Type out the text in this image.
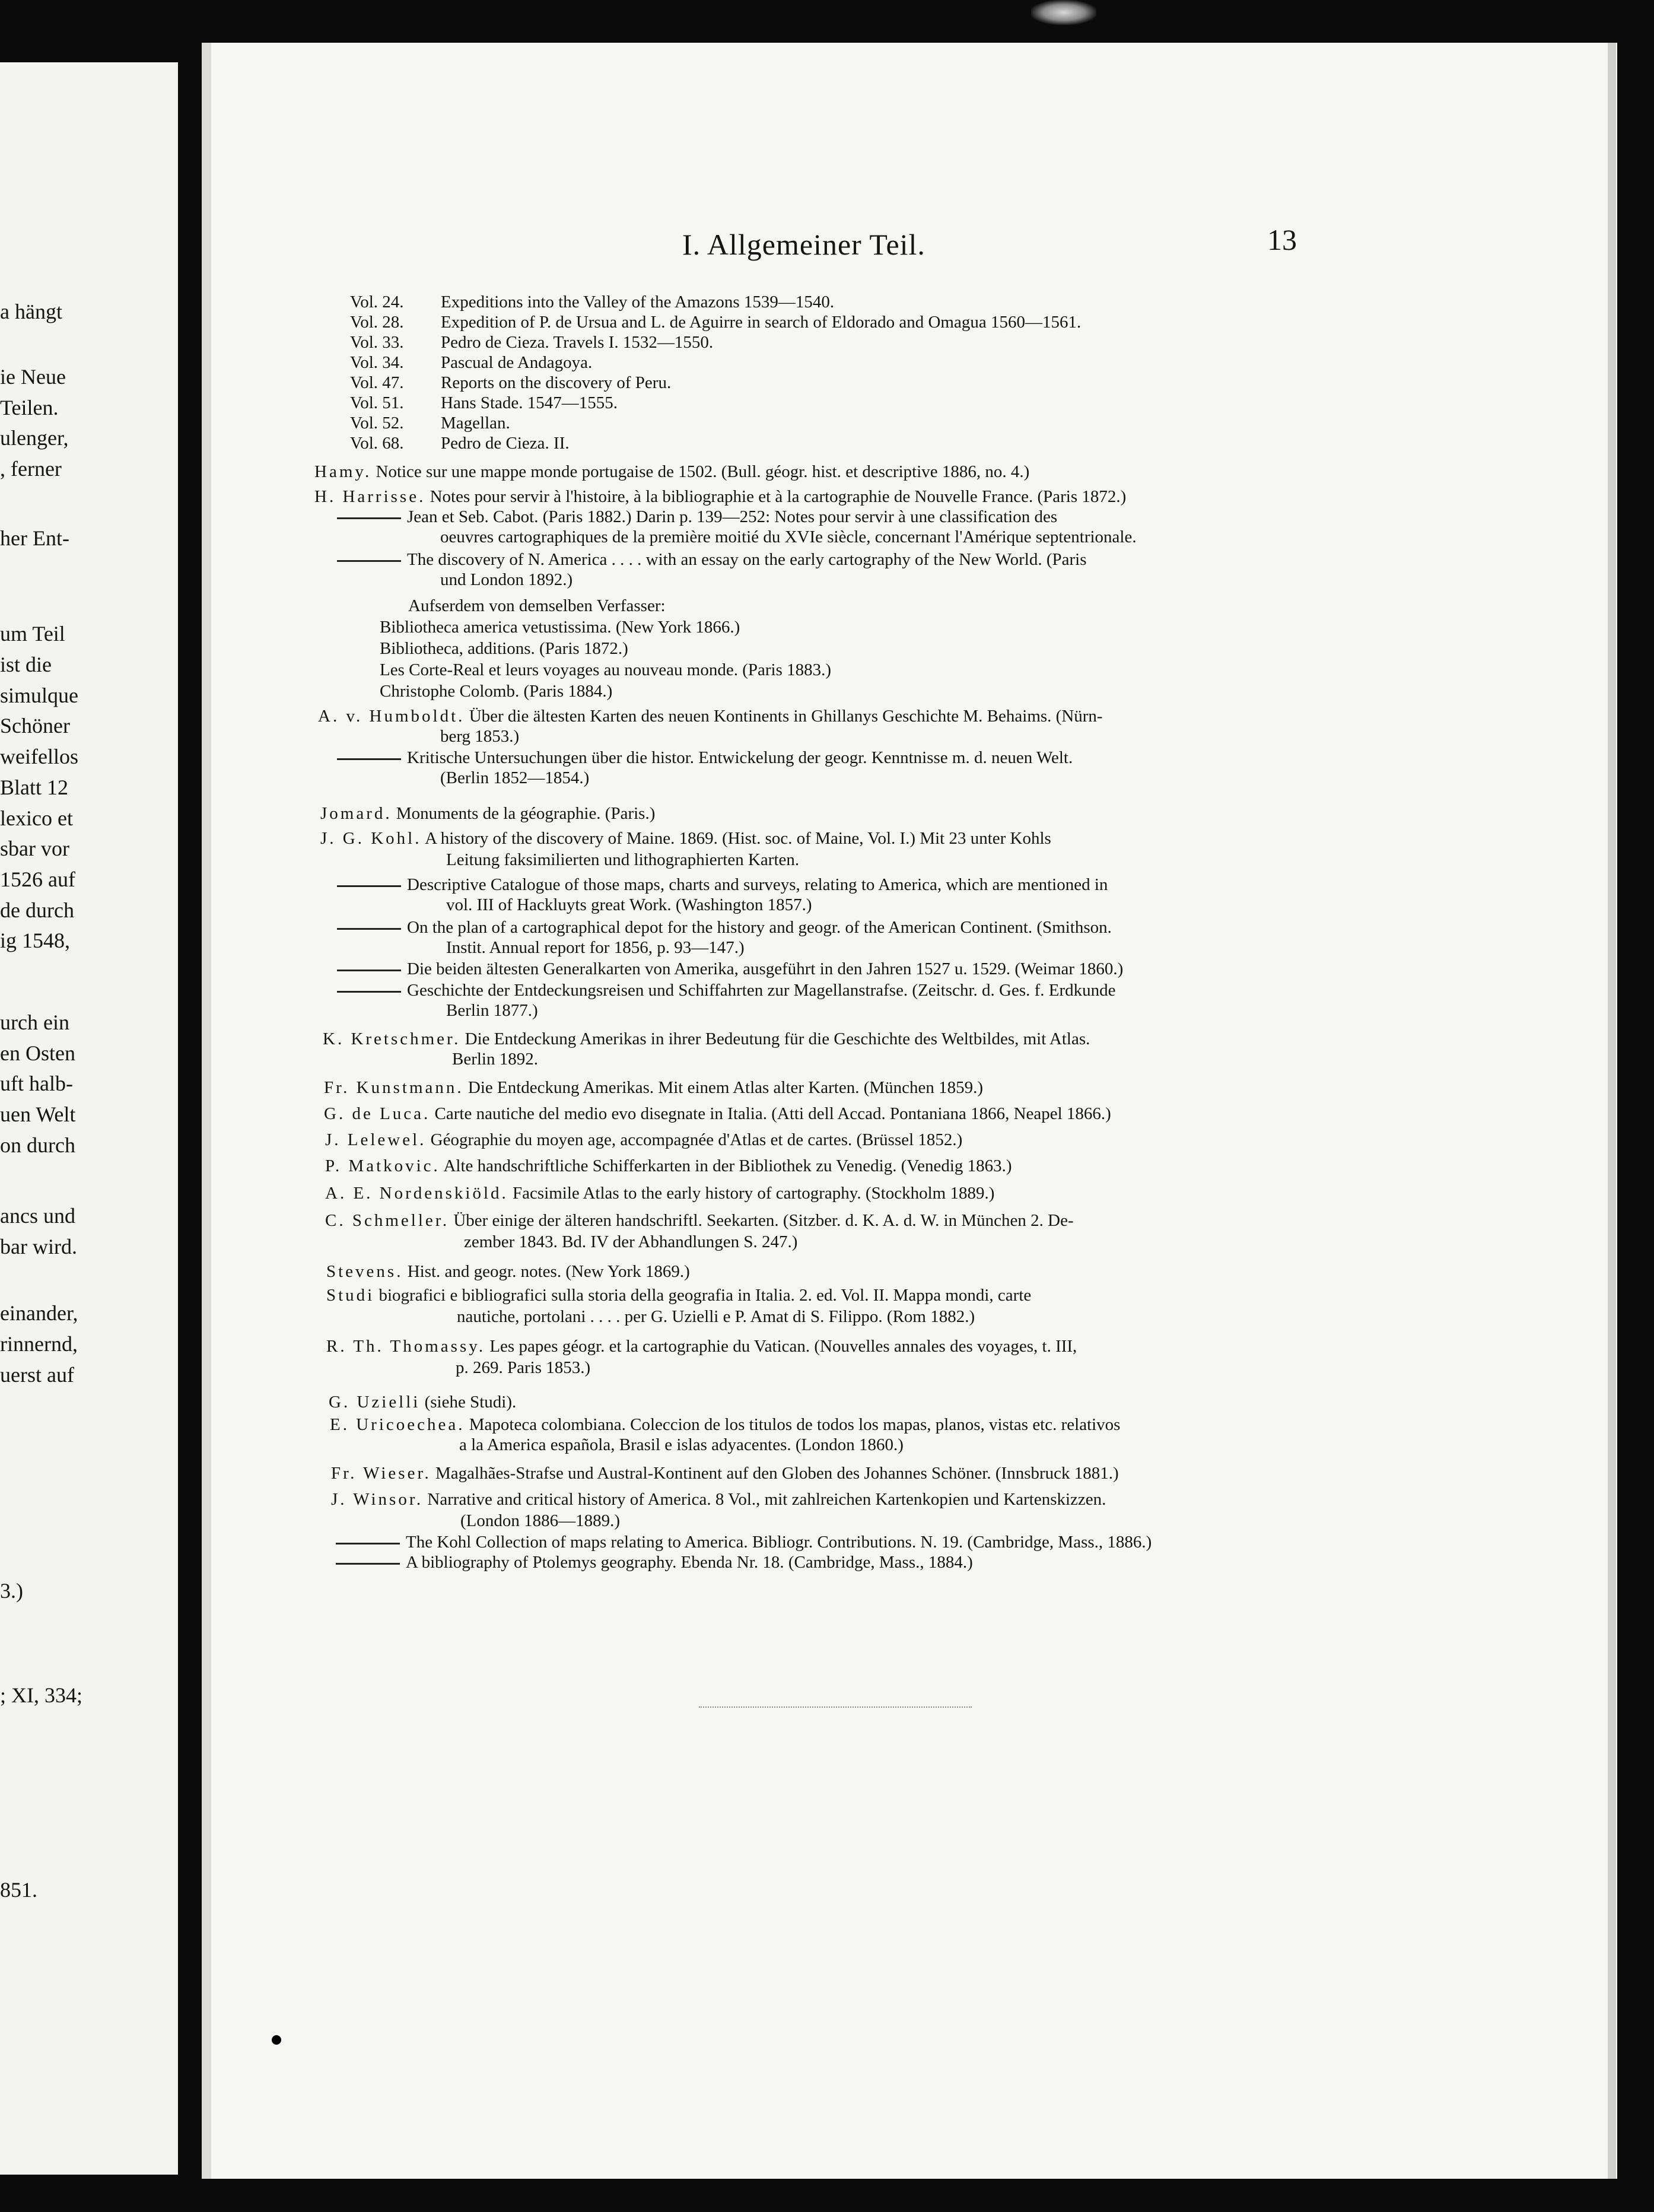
a hängt
ie Neue
Teilen.
ulenger,
, ferner
her Ent-
um Teil
ist die
simulque
Schöner
weifellos
Blatt 12
lexico et
sbar vor
1526 auf
de durch
ig 1548,
urch ein
en Osten
uft halb-
uen Welt
on durch
ancs und
bar wird.
einander,
rinnernd,
uerst auf
3.)
; XI, 334;
851.
I. Allgemeiner Teil.	13
Vol. 24. Expeditions into the Valley of the Amazons 1539—1540.
Vol. 28. Expedition of P. de Ursua and L. de Aguirre in search of Eldorado and Omagua 1560—1561.
Vol. 33. Pedro de Cieza. Travels I. 1532—1550.
Vol. 34. Pascual de Andagoya.
Vol. 47. Reports on the discovery of Peru.
Vol. 51. Hans Stade. 1547—1555.
Vol. 52. Magellan.
Vol. 68. Pedro de Cieza. II.
Hamy. Notice sur une mappe monde portugaise de 1502. (Bull. géogr. hist. et descriptive 1886, no. 4.)
H. Harrisse. Notes pour servir à l'histoire, à la bibliographie et à la cartographie de Nouvelle France. (Paris 1872.)
Jean et Seb. Cabot. (Paris 1882.) Darin p. 139—252: Notes pour servir à une classification des
oeuvres cartographiques de la première moitié du XVIe siècle, concernant l'Amérique septentrionale.
The discovery of N. America . . . . with an essay on the early cartography of the New World. (Paris
und London 1892.)
Aufserdem von demselben Verfasser:
Bibliotheca america vetustissima. (New York 1866.)
Bibliotheca, additions. (Paris 1872.)
Les Corte-Real et leurs voyages au nouveau monde. (Paris 1883.)
Christophe Colomb. (Paris 1884.)
A. v. Humboldt. Über die ältesten Karten des neuen Kontinents in Ghillanys Geschichte M. Behaims. (Nürn-
berg 1853.)
Kritische Untersuchungen über die histor. Entwickelung der geogr. Kenntnisse m. d. neuen Welt.
(Berlin 1852—1854.)
Jomard. Monuments de la géographie. (Paris.)
J. G. Kohl. A history of the discovery of Maine. 1869. (Hist. soc. of Maine, Vol. I.) Mit 23 unter Kohls
Leitung faksimilierten und lithographierten Karten.
Descriptive Catalogue of those maps, charts and surveys, relating to America, which are mentioned in
vol. III of Hackluyts great Work. (Washington 1857.)
On the plan of a cartographical depot for the history and geogr. of the American Continent. (Smithson.
Instit. Annual report for 1856, p. 93—147.)
Die beiden ältesten Generalkarten von Amerika, ausgeführt in den Jahren 1527 u. 1529. (Weimar 1860.)
Geschichte der Entdeckungsreisen und Schiffahrten zur Magellanstrafse. (Zeitschr. d. Ges. f. Erdkunde
Berlin 1877.)
K. Kretschmer. Die Entdeckung Amerikas in ihrer Bedeutung für die Geschichte des Weltbildes, mit Atlas.
Berlin 1892.
Fr. Kunstmann. Die Entdeckung Amerikas. Mit einem Atlas alter Karten. (München 1859.)
G. de Luca. Carte nautiche del medio evo disegnate in Italia. (Atti dell Accad. Pontaniana 1866, Neapel 1866.)
J. Lelewel. Géographie du moyen age, accompagnée d'Atlas et de cartes. (Brüssel 1852.)
P. Matkovic. Alte handschriftliche Schifferkarten in der Bibliothek zu Venedig. (Venedig 1863.)
A. E. Nordenskiöld. Facsimile Atlas to the early history of cartography. (Stockholm 1889.)
C. Schmeller. Über einige der älteren handschriftl. Seekarten. (Sitzber. d. K. A. d. W. in München 2. De-
zember 1843. Bd. IV der Abhandlungen S. 247.)
Stevens. Hist. and geogr. notes. (New York 1869.)
Studi biografici e bibliografici sulla storia della geografia in Italia. 2. ed. Vol. II. Mappa mondi, carte
nautiche, portolani . . . . per G. Uzielli e P. Amat di S. Filippo. (Rom 1882.)
R. Th. Thomassy. Les papes géogr. et la cartographie du Vatican. (Nouvelles annales des voyages, t. III,
p. 269. Paris 1853.)
G. Uzielli (siehe Studi).
E. Uricoechea. Mapoteca colombiana. Coleccion de los titulos de todos los mapas, planos, vistas etc. relativos
a la America española, Brasil e islas adyacentes. (London 1860.)
Fr. Wieser. Magalhães-Strafse und Austral-Kontinent auf den Globen des Johannes Schöner. (Innsbruck 1881.)
J. Winsor. Narrative and critical history of America. 8 Vol., mit zahlreichen Kartenkopien und Kartenskizzen.
(London 1886—1889.)
The Kohl Collection of maps relating to America. Bibliogr. Contributions. N. 19. (Cambridge, Mass., 1886.)
A bibliography of Ptolemys geography. Ebenda Nr. 18. (Cambridge, Mass., 1884.)
